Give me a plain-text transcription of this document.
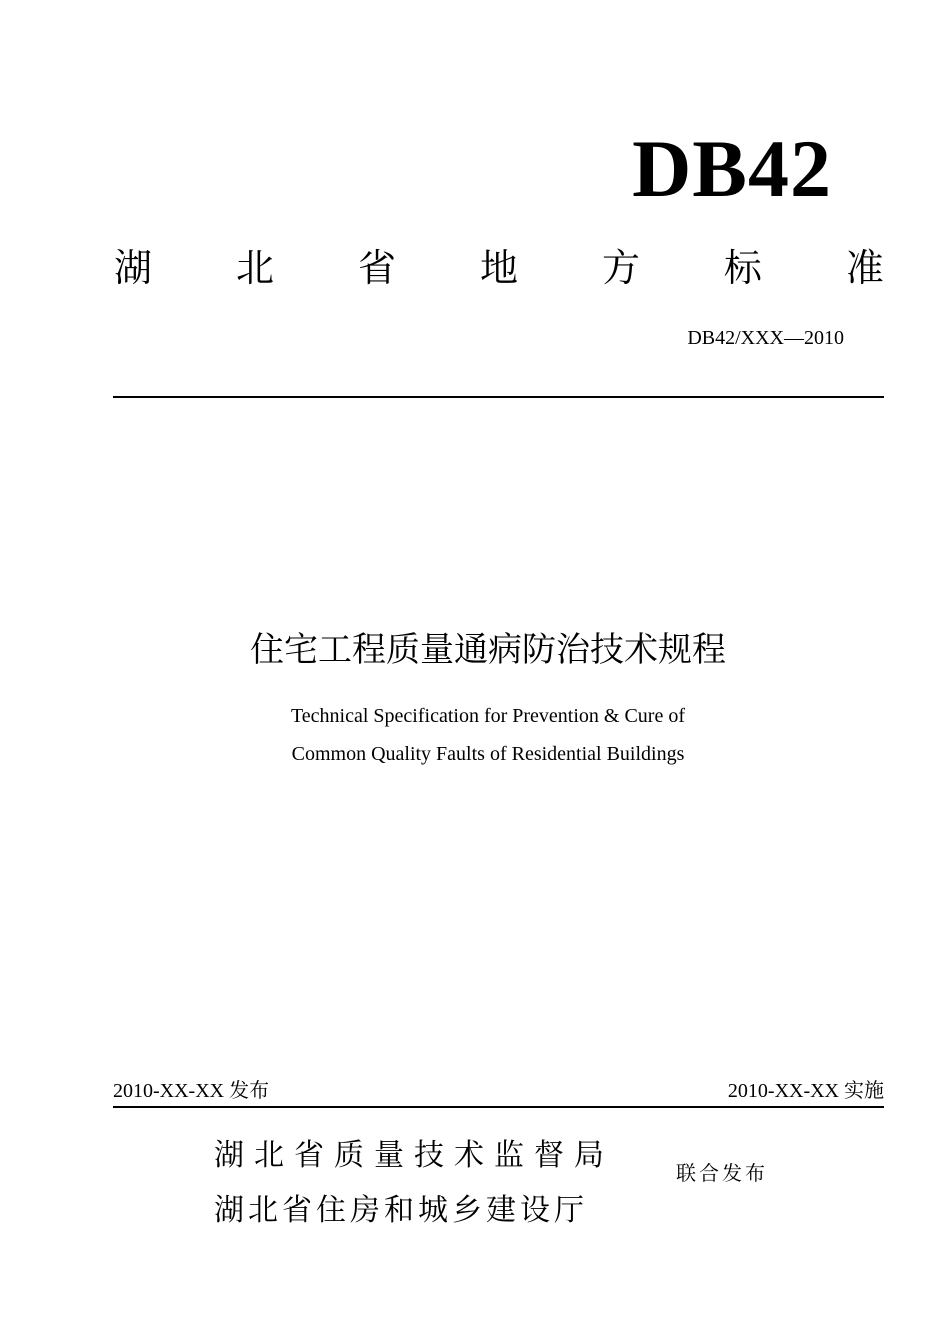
DB42
湖 北 省 地 方 标 准
DB42/XXX—2010
住宅工程质量通病防治技术规程
Technical Specification for Prevention & Cure of
Common Quality Faults of Residential Buildings
2010-XX-XX 发布	2010-XX-XX 实施
湖北省质量技术监督局
湖北省住房和城乡建设厅
联合发布
